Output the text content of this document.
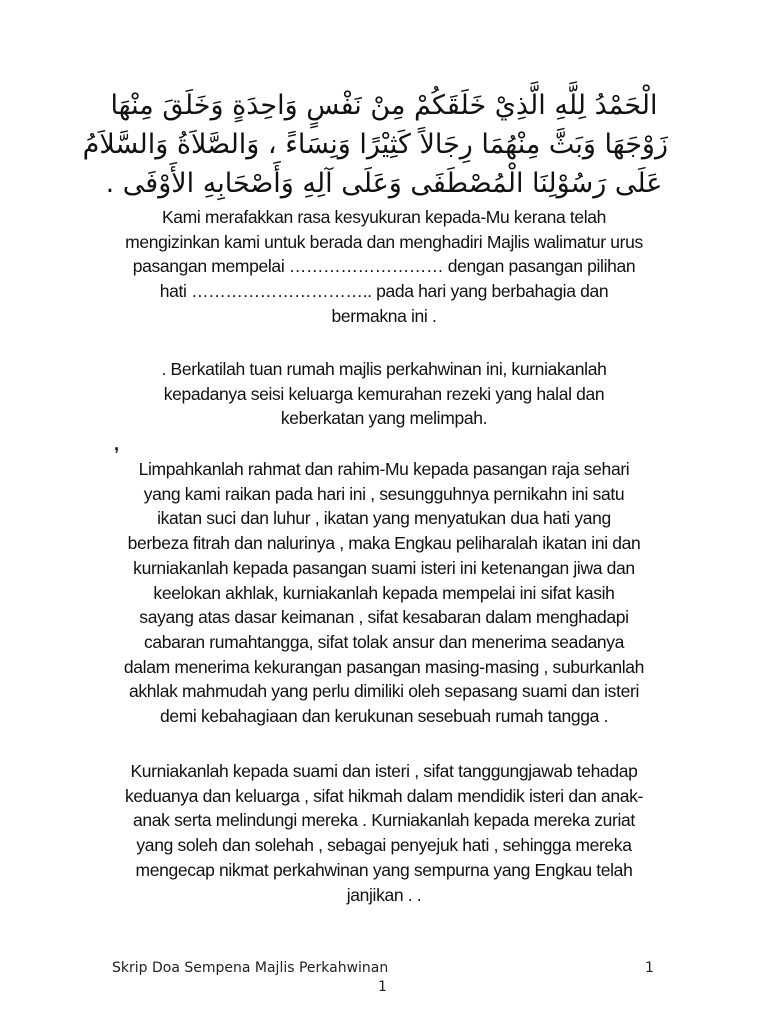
الْحَمْدُ لِلَّهِ الَّذِيْ خَلَقَكُمْ مِنْ نَفْسٍ وَاحِدَةٍ وَخَلَقَ مِنْهَا
زَوْجَهَا وَبَثَّ مِنْهُمَا رِجَالاً كَثِيْرًا وَنِسَاءً ، وَالصَّلاَةُ وَالسَّلاَمُ
عَلَى رَسُوْلِنَا الْمُصْطَفَى وَعَلَى آلِهِ وَأَصْحَابِهِ الأَوْفَى .
Kami merafakkan rasa kesyukuran kepada-Mu kerana telah
mengizinkan kami untuk berada dan menghadiri Majlis walimatur urus
pasangan mempelai ……………………… dengan pasangan pilihan
hati ………………………….. pada hari yang berbahagia dan
bermakna ini .
. Berkatilah tuan rumah majlis perkahwinan ini, kurniakanlah
kepadanya seisi keluarga kemurahan rezeki yang halal dan
keberkatan yang melimpah.
,
Limpahkanlah rahmat dan rahim-Mu kepada pasangan raja sehari
yang kami raikan pada hari ini , sesungguhnya pernikahn ini satu
ikatan suci dan luhur , ikatan yang menyatukan dua hati yang
berbeza fitrah dan nalurinya , maka Engkau peliharalah ikatan ini dan
kurniakanlah kepada pasangan suami isteri ini ketenangan jiwa dan
keelokan akhlak, kurniakanlah kepada mempelai ini sifat kasih
sayang atas dasar keimanan , sifat kesabaran dalam menghadapi
cabaran rumahtangga, sifat tolak ansur dan menerima seadanya
dalam menerima kekurangan pasangan masing-masing , suburkanlah
akhlak mahmudah yang perlu dimiliki oleh sepasang suami dan isteri
demi kebahagiaan dan kerukunan sesebuah rumah tangga .
Kurniakanlah kepada suami dan isteri , sifat tanggungjawab tehadap
keduanya dan keluarga , sifat hikmah dalam mendidik isteri dan anak-
anak serta melindungi mereka . Kurniakanlah kepada mereka zuriat
yang soleh dan solehah , sebagai penyejuk hati , sehingga mereka
mengecap nikmat perkahwinan yang sempurna yang Engkau telah
janjikan . .
Skrip Doa Sempena Majlis Perkahwinan	1
1
